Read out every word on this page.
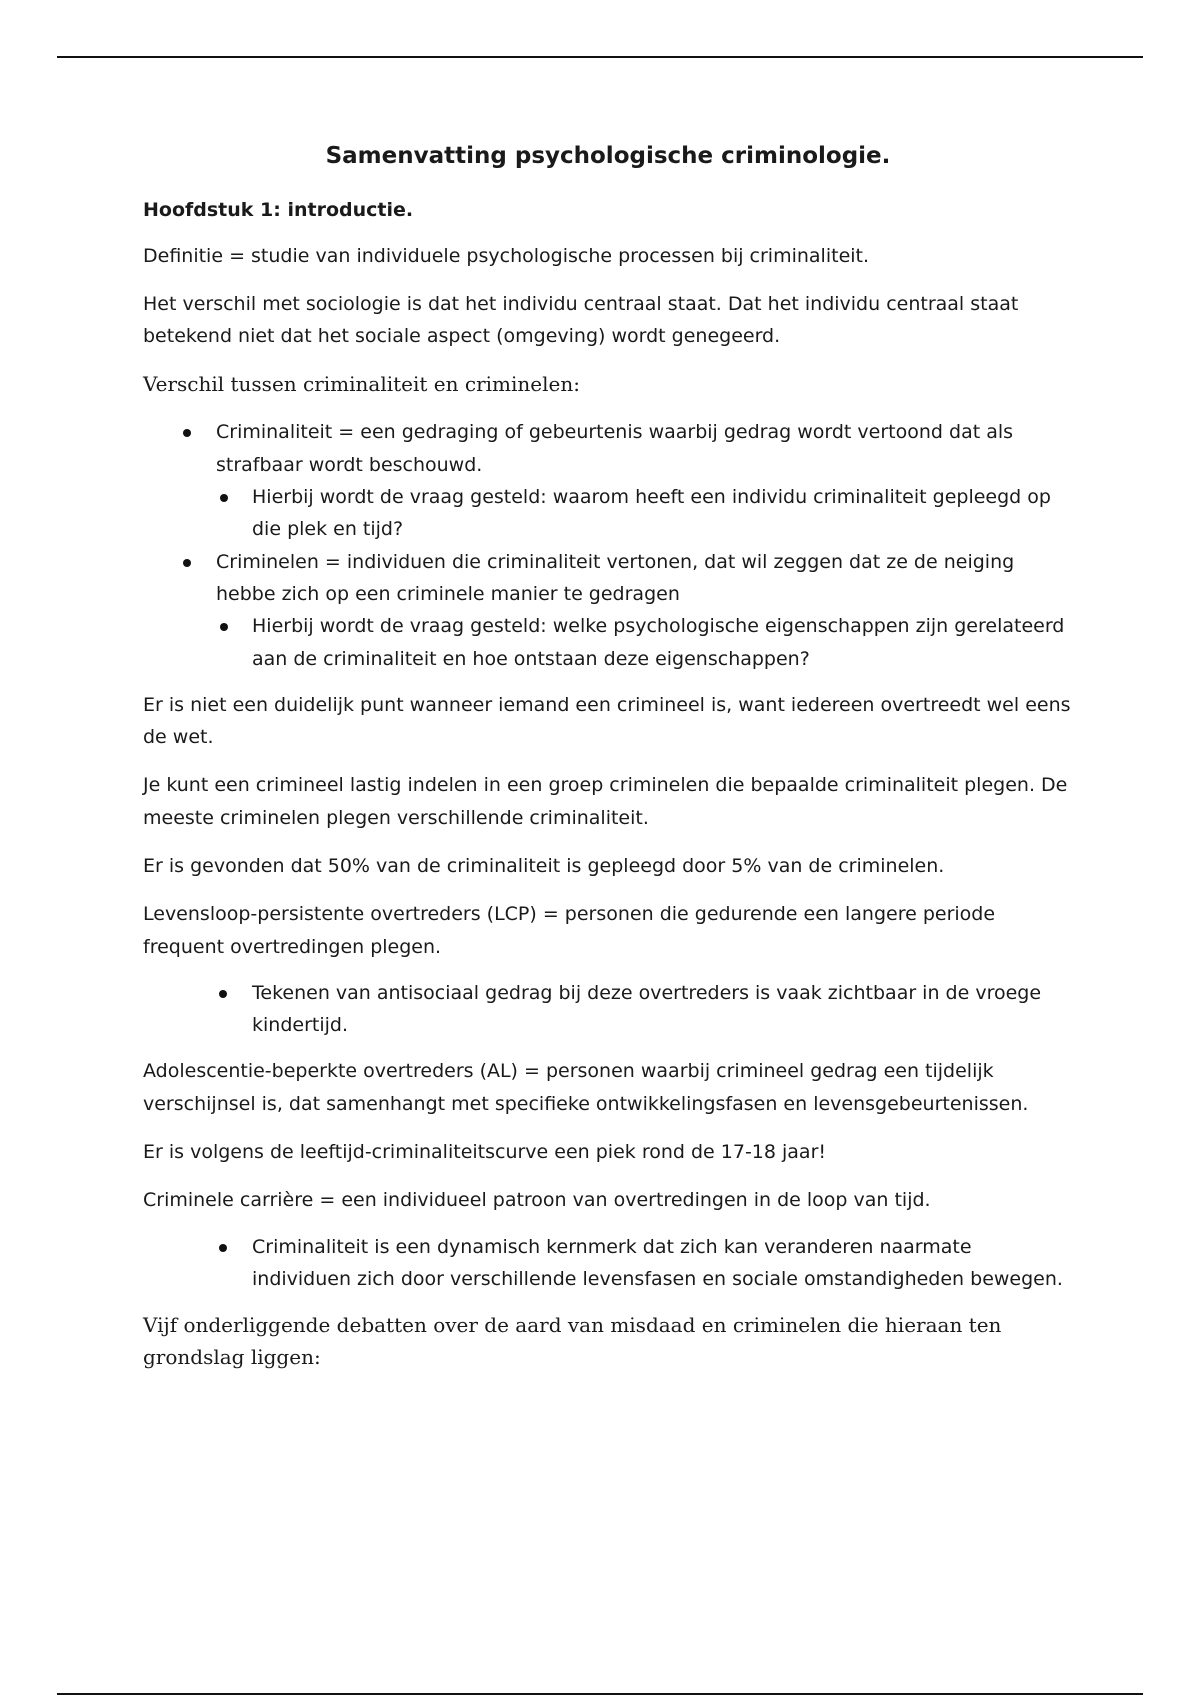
Samenvatting psychologische criminologie.
Hoofdstuk 1: introductie.

Definitie = studie van individuele psychologische processen bij criminaliteit.

Het verschil met sociologie is dat het individu centraal staat. Dat het individu centraal staat betekend niet dat het sociale aspect (omgeving) wordt genegeerd.

Verschil tussen criminaliteit en criminelen:

Criminaliteit = een gedraging of gebeurtenis waarbij gedrag wordt vertoond dat als strafbaar wordt beschouwd.
Hierbij wordt de vraag gesteld: waarom heeft een individu criminaliteit gepleegd op die plek en tijd?
Criminelen = individuen die criminaliteit vertonen, dat wil zeggen dat ze de neiging hebbe zich op een criminele manier te gedragen
Hierbij wordt de vraag gesteld: welke psychologische eigenschappen zijn gerelateerd aan de criminaliteit en hoe ontstaan deze eigenschappen?

Er is niet een duidelijk punt wanneer iemand een crimineel is, want iedereen overtreedt wel eens de wet.

Je kunt een crimineel lastig indelen in een groep criminelen die bepaalde criminaliteit plegen. De meeste criminelen plegen verschillende criminaliteit.

Er is gevonden dat 50% van de criminaliteit is gepleegd door 5% van de criminelen.

Levensloop-persistente overtreders (LCP) = personen die gedurende een langere periode frequent overtredingen plegen.

Tekenen van antisociaal gedrag bij deze overtreders is vaak zichtbaar in de vroege kindertijd.

Adolescentie-beperkte overtreders (AL) = personen waarbij crimineel gedrag een tijdelijk verschijnsel is, dat samenhangt met specifieke ontwikkelingsfasen en levensgebeurtenissen.

Er is volgens de leeftijd-criminaliteitscurve een piek rond de 17-18 jaar!

Criminele carrière = een individueel patroon van overtredingen in de loop van tijd.

Criminaliteit is een dynamisch kernmerk dat zich kan veranderen naarmate individuen zich door verschillende levensfasen en sociale omstandigheden bewegen.

Vijf onderliggende debatten over de aard van misdaad en criminelen die hieraan ten grondslag liggen:
